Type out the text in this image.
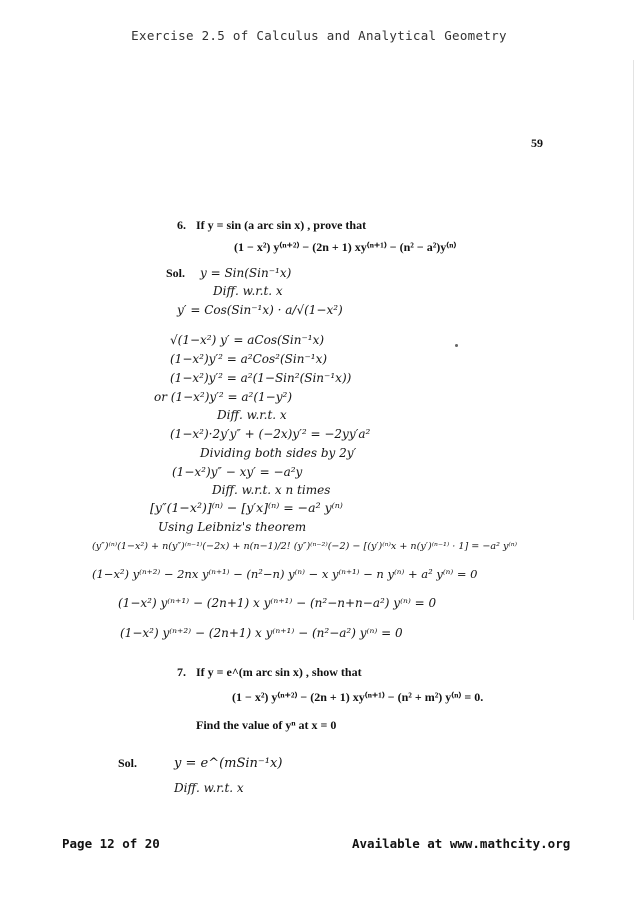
Exercise 2.5 of Calculus and Analytical Geometry
59
6. If y = sin (a arc sin x) , prove that
(1 − x²) y⁽ⁿ⁺²⁾ − (2n + 1) xy⁽ⁿ⁺¹⁾ − (n² − a²)y⁽ⁿ⁾
Sol. y = Sin(Sin⁻¹x)
Diff. w.r.t. x
y′ = Cos(Sin⁻¹x) · a/√(1−x²)
√(1−x²) y′ = aCos(Sin⁻¹x)
(1−x²)y′² = a²Cos²(Sin⁻¹x)
(1−x²)y′² = a²(1−Sin²(Sin⁻¹x))
or (1−x²)y′² = a²(1−y²)
Diff. w.r.t. x
(1−x²)·2y′y″ + (−2x)y′² = −2yy′a²
Dividing both sides by 2y′
(1−x²)y″ − xy′ = −a²y
Diff. w.r.t. x n times
[y″(1−x²)]⁽ⁿ⁾ − [y′x]⁽ⁿ⁾ = −a² y⁽ⁿ⁾
Using Leibniz's theorem
(y″)⁽ⁿ⁾(1−x²) + n(y″)⁽ⁿ⁻¹⁾(−2x) + n(n−1)/2! (y″)⁽ⁿ⁻²⁾(−2) − [(y′)⁽ⁿ⁾x + n(y′)⁽ⁿ⁻¹⁾ · 1] = −a² y⁽ⁿ⁾
(1−x²) y⁽ⁿ⁺²⁾ − 2nx y⁽ⁿ⁺¹⁾ − (n²−n) y⁽ⁿ⁾ − x y⁽ⁿ⁺¹⁾ − n y⁽ⁿ⁾ + a² y⁽ⁿ⁾ = 0
(1−x²) y⁽ⁿ⁺¹⁾ − (2n+1) x y⁽ⁿ⁺¹⁾ − (n²−n+n−a²) y⁽ⁿ⁾ = 0
(1−x²) y⁽ⁿ⁺²⁾ − (2n+1) x y⁽ⁿ⁺¹⁾ − (n²−a²) y⁽ⁿ⁾ = 0
7. If y = e^(m arc sin x) , show that
(1 − x²) y⁽ⁿ⁺²⁾ − (2n + 1) xy⁽ⁿ⁺¹⁾ − (n² + m²) y⁽ⁿ⁾ = 0.
Find the value of yⁿ at x = 0
Sol.	y = e^(mSin⁻¹x)
Diff. w.r.t. x
Page 12 of 20	Available at www.mathcity.org
